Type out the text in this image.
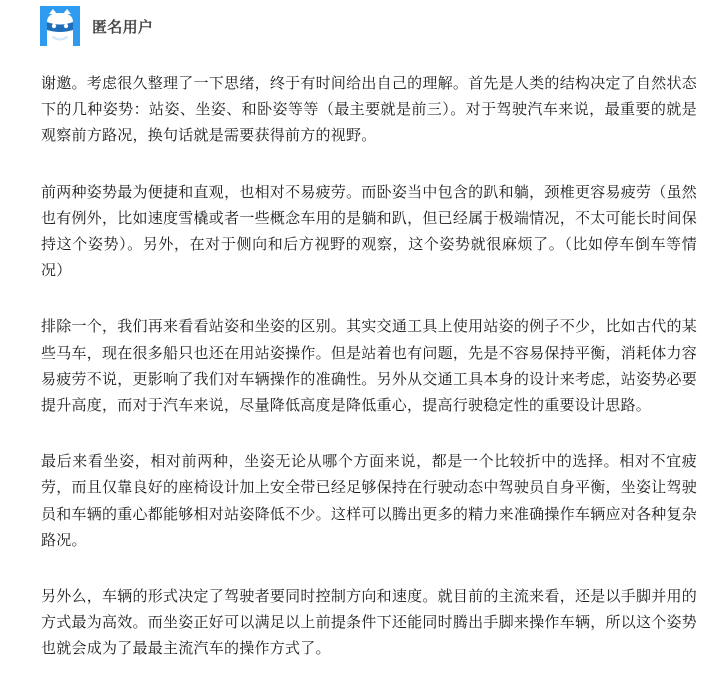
匿名用户

谢邀。考虑很久整理了一下思绪，终于有时间给出自己的理解。首先是人类的结构决定了自然状态下的几种姿势：站姿、坐姿、和卧姿等等（最主要就是前三）。对于驾驶汽车来说，最重要的就是观察前方路况，换句话就是需要获得前方的视野。

前两种姿势最为便捷和直观，也相对不易疲劳。而卧姿当中包含的趴和躺，颈椎更容易疲劳（虽然也有例外，比如速度雪橇或者一些概念车用的是躺和趴，但已经属于极端情况，不太可能长时间保持这个姿势）。另外，在对于侧向和后方视野的观察，这个姿势就很麻烦了。（比如停车倒车等情况）

排除一个，我们再来看看站姿和坐姿的区别。其实交通工具上使用站姿的例子不少，比如古代的某些马车，现在很多船只也还在用站姿操作。但是站着也有问题，先是不容易保持平衡，消耗体力容易疲劳不说，更影响了我们对车辆操作的准确性。另外从交通工具本身的设计来考虑，站姿势必要提升高度，而对于汽车来说，尽量降低高度是降低重心，提高行驶稳定性的重要设计思路。

最后来看坐姿，相对前两种，坐姿无论从哪个方面来说，都是一个比较折中的选择。相对不宜疲劳，而且仅靠良好的座椅设计加上安全带已经足够保持在行驶动态中驾驶员自身平衡，坐姿让驾驶员和车辆的重心都能够相对站姿降低不少。这样可以腾出更多的精力来准确操作车辆应对各种复杂路况。

另外么，车辆的形式决定了驾驶者要同时控制方向和速度。就目前的主流来看，还是以手脚并用的方式最为高效。而坐姿正好可以满足以上前提条件下还能同时腾出手脚来操作车辆，所以这个姿势也就会成为了最最主流汽车的操作方式了。
